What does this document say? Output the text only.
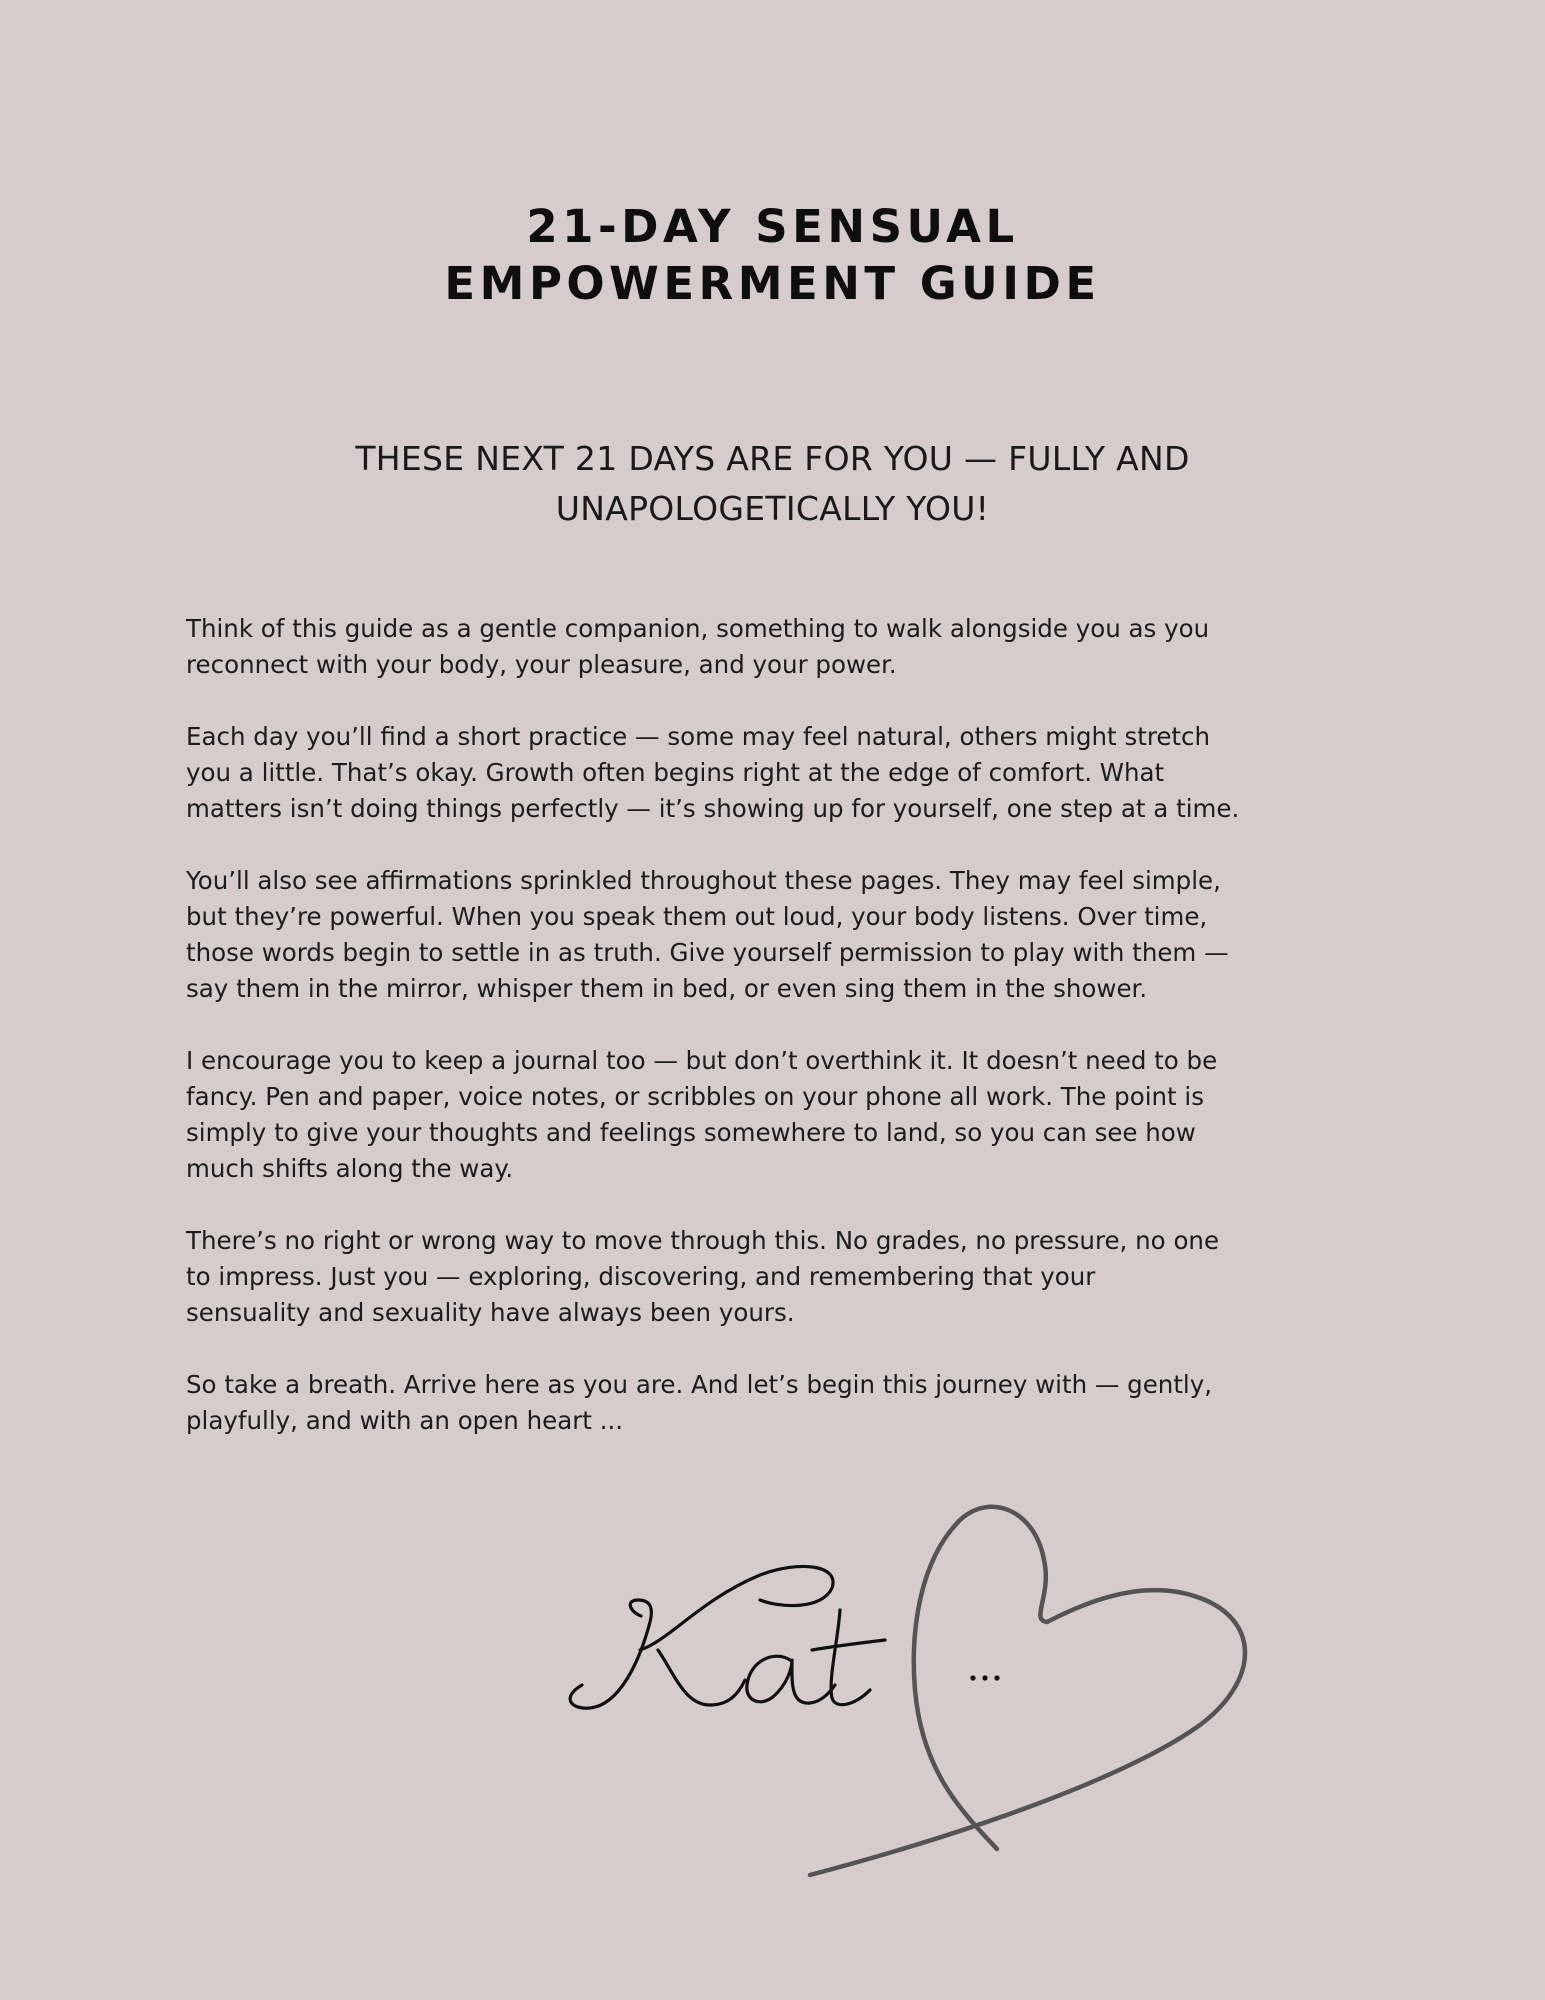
21-DAY SENSUAL
EMPOWERMENT GUIDE
THESE NEXT 21 DAYS ARE FOR YOU — FULLY AND
UNAPOLOGETICALLY YOU!

Think of this guide as a gentle companion, something to walk alongside you as you
reconnect with your body, your pleasure, and your power.

Each day you’ll find a short practice — some may feel natural, others might stretch
you a little. That’s okay. Growth often begins right at the edge of comfort. What
matters isn’t doing things perfectly — it’s showing up for yourself, one step at a time.

You’ll also see affirmations sprinkled throughout these pages. They may feel simple,
but they’re powerful. When you speak them out loud, your body listens. Over time,
those words begin to settle in as truth. Give yourself permission to play with them —
say them in the mirror, whisper them in bed, or even sing them in the shower.

I encourage you to keep a journal too — but don’t overthink it. It doesn’t need to be
fancy. Pen and paper, voice notes, or scribbles on your phone all work. The point is
simply to give your thoughts and feelings somewhere to land, so you can see how
much shifts along the way.

There’s no right or wrong way to move through this. No grades, no pressure, no one
to impress. Just you — exploring, discovering, and remembering that your
sensuality and sexuality have always been yours.

So take a breath. Arrive here as you are. And let’s begin this journey with — gently,
playfully, and with an open heart ...
